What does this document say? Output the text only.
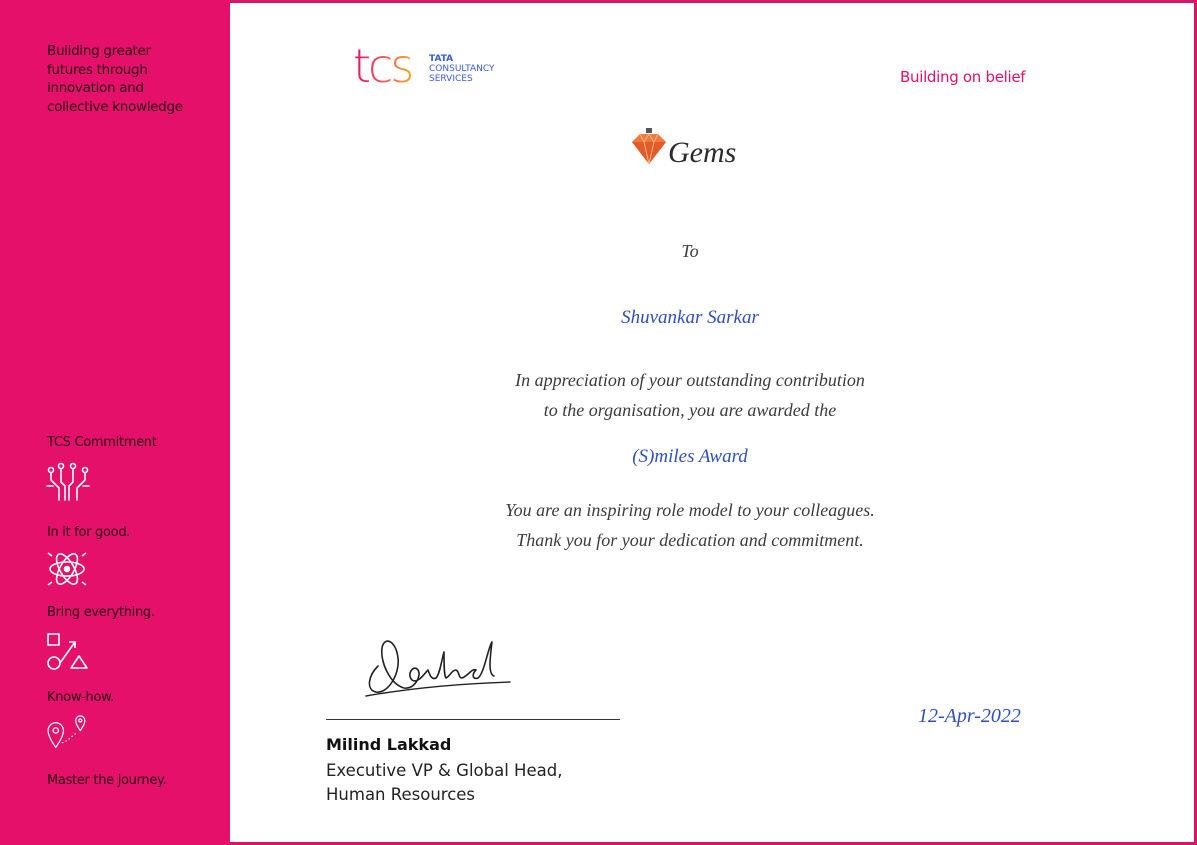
Building greater
futures through
innovation and
collective knowledge
TCS Commitment
In it for good.
Bring everything.
Know-how.
Master the journey.
tcs TATA
CONSULTANCY
SERVICES	Building on belief
Gems
To
Shuvankar Sarkar
In appreciation of your outstanding contribution
to the organisation, you are awarded the
(S)miles Award
You are an inspiring role model to your colleagues.
Thank you for your dedication and commitment.
Milind Lakkad
Executive VP & Global Head,
Human Resources
12-Apr-2022
